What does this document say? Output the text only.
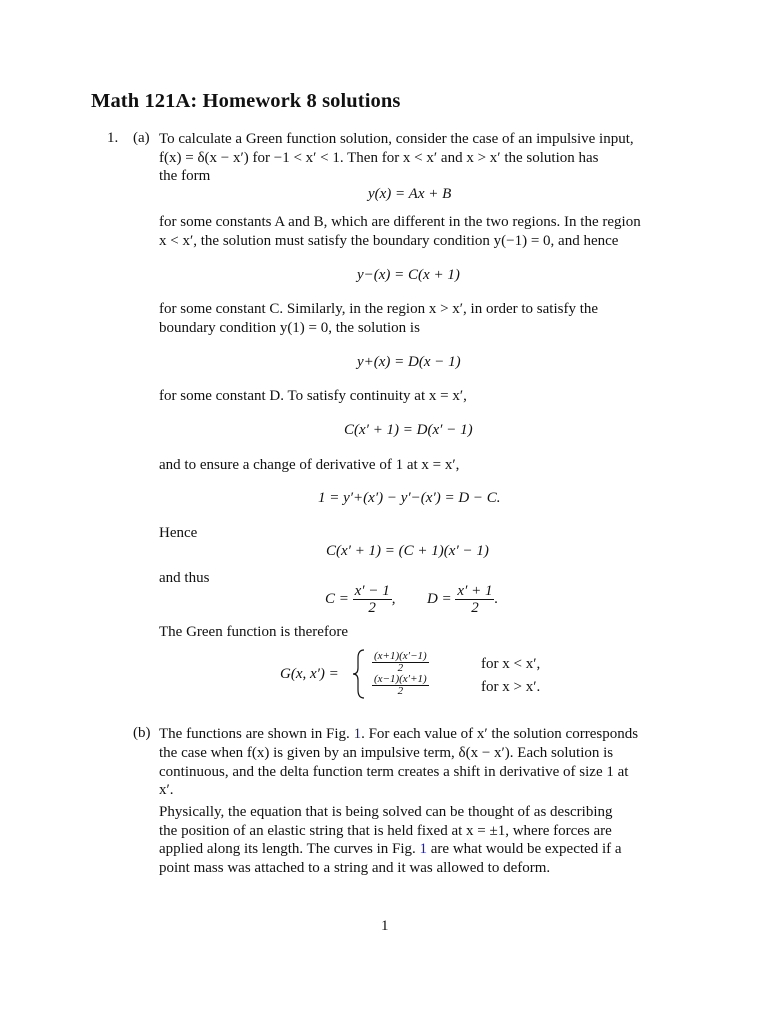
Math 121A: Homework 8 solutions
1. (a) To calculate a Green function solution, consider the case of an impulsive input,
f(x) = δ(x − x′) for −1 < x′ < 1. Then for x < x′ and x > x′ the solution has
the form
y(x) = Ax + B
for some constants A and B, which are different in the two regions. In the region
x < x′, the solution must satisfy the boundary condition y(−1) = 0, and hence
y−(x) = C(x + 1)
for some constant C. Similarly, in the region x > x′, in order to satisfy the
boundary condition y(1) = 0, the solution is
y+(x) = D(x − 1)
for some constant D. To satisfy continuity at x = x′,
C(x′ + 1) = D(x′ − 1)
and to ensure a change of derivative of 1 at x = x′,
1 = y′+(x′) − y′−(x′) = D − C.
Hence
C(x′ + 1) = (C + 1)(x′ − 1)
and thus
$C = \frac{x' - 1}{2}$ , $D = \frac{x' + 1}{2}$ .
The Green function is therefore
G(x, x′) =
$\frac{(x+1)(x'-1)}{2}$
$\frac{(x-1)(x'+1)}{2}$
for x < x′,
for x > x′.
(b) The functions are shown in Fig. 1. For each value of x′ the solution corresponds
the case when f(x) is given by an impulsive term, δ(x − x′). Each solution is
continuous, and the delta function term creates a shift in derivative of size 1 at
x′.
Physically, the equation that is being solved can be thought of as describing
the position of an elastic string that is held fixed at x = ±1, where forces are
applied along its length. The curves in Fig. 1 are what would be expected if a
point mass was attached to a string and it was allowed to deform.
1
